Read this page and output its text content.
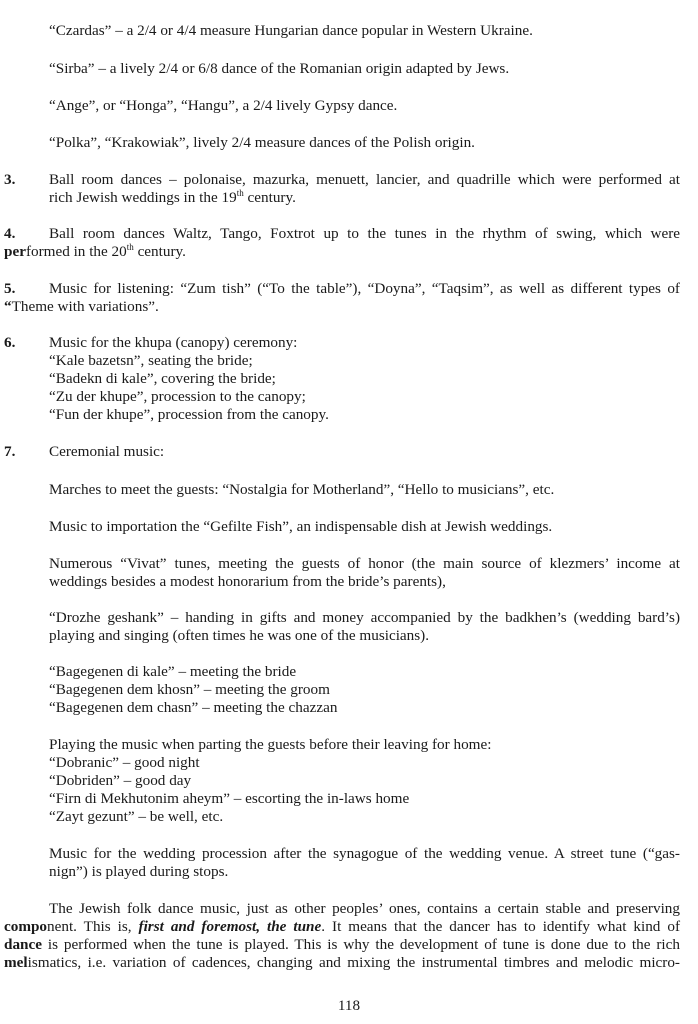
“Czardas” – a 2/4 or 4/4 measure Hungarian dance popular in Western Ukraine.
“Sirba” – a lively 2/4 or 6/8 dance of the Romanian origin adapted by Jews.
“Ange”, or “Honga”, “Hangu”, a 2/4 lively Gypsy dance.
“Polka”, “Krakowiak”, lively 2/4 measure dances of the Polish origin.
3. Ball room dances – polonaise, mazurka, menuett, lancier, and quadrille which were performed at
rich Jewish weddings in the 19th century.
4. Ball room dances Waltz, Tango, Foxtrot up to the tunes in the rhythm of swing, which were
performed in the 20th century.
5. Music for listening: “Zum tish” (“To the table”), “Doyna”, “Taqsim”, as well as different types of
“Theme with variations”.
6. Music for the khupa (canopy) ceremony:
“Kale bazetsn”, seating the bride;
“Badekn di kale”, covering the bride;
“Zu der khupe”, procession to the canopy;
“Fun der khupe”, procession from the canopy.
7. Ceremonial music:
Marches to meet the guests: “Nostalgia for Motherland”, “Hello to musicians”, etc.
Music to importation the “Gefilte Fish”, an indispensable dish at Jewish weddings.
Numerous “Vivat” tunes, meeting the guests of honor (the main source of klezmers’ income at
weddings besides a modest honorarium from the bride’s parents),
“Drozhe geshank” – handing in gifts and money accompanied by the badkhen’s (wedding bard’s)
playing and singing (often times he was one of the musicians).
“Bagegenen di kale” – meeting the bride
“Bagegenen dem khosn” – meeting the groom
“Bagegenen dem chasn” – meeting the chazzan
Playing the music when parting the guests before their leaving for home:
“Dobranic” – good night
“Dobriden” – good day
“Firn di Mekhutonim aheym” – escorting the in-laws home
“Zayt gezunt” – be well, etc.
Music for the wedding procession after the synagogue of the wedding venue. A street tune (“gas-
nign”) is played during stops.
The Jewish folk dance music, just as other peoples’ ones, contains a certain stable and preserving
component. This is, first and foremost, the tune. It means that the dancer has to identify what kind of
dance is performed when the tune is played. This is why the development of tune is done due to the rich
melismatics, i.e. variation of cadences, changing and mixing the instrumental timbres and melodic micro-
118
